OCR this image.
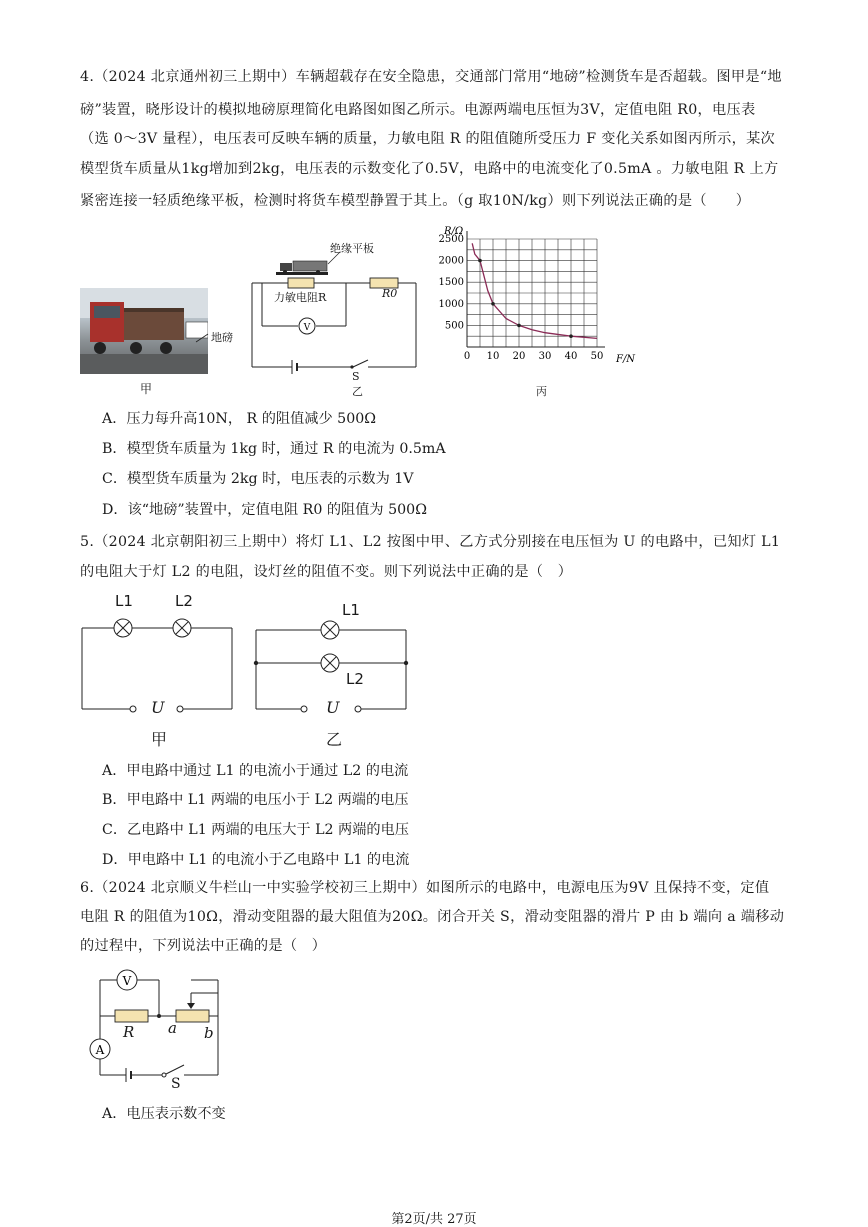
4.（2024 北京通州初三上期中）车辆超载存在安全隐患，交通部门常用“地磅”检测货车是否超载。图甲是“地
磅”装置，晓彤设计的模拟地磅原理简化电路图如图乙所示。电源两端电压恒为3V，定值电阻 R0，电压表
（选 0～3V 量程），电压表可反映车辆的质量，力敏电阻 R 的阻值随所受压力 F 变化关系如图丙所示，某次
模型货车质量从1kg增加到2kg，电压表的示数变化了0.5V，电路中的电流变化了0.5mA 。力敏电阻 R 上方
紧密连接一轻质绝缘平板，检测时将货车模型静置于其上。（g 取10N/kg）则下列说法正确的是（　　）
地磅
甲
V
绝缘平板
力敏电阻R	R0
S
乙
0 10 20 30 40 50
500
1000
1500
2000
2500
R/Ω
F/N
丙
A．压力每升高10N， R 的阻值减少 500Ω
B．模型货车质量为 1kg 时，通过 R 的电流为 0.5mA
C．模型货车质量为 2kg 时，电压表的示数为 1V
D．该“地磅”装置中，定值电阻 R0 的阻值为 500Ω
5.（2024 北京朝阳初三上期中）将灯 L1、L2 按图中甲、乙方式分别接在电压恒为 U 的电路中，已知灯 L1
的电阻大于灯 L2 的电阻，设灯丝的阻值不变。则下列说法中正确的是（　）
L1	L2
U
甲
L1
L2
U
乙
A．甲电路中通过 L1 的电流小于通过 L2 的电流
B．甲电路中 L1 两端的电压小于 L2 两端的电压
C．乙电路中 L1 两端的电压大于 L2 两端的电压
D．甲电路中 L1 的电流小于乙电路中 L1 的电流
6.（2024 北京顺义牛栏山一中实验学校初三上期中）如图所示的电路中，电源电压为9V 且保持不变，定值
电阻 R 的阻值为10Ω，滑动变阻器的最大阻值为20Ω。闭合开关 S，滑动变阻器的滑片 P 由 b 端向 a 端移动
的过程中，下列说法中正确的是（　）
V
A
R a b
S
A．电压表示数不变
第2页/共 27页
